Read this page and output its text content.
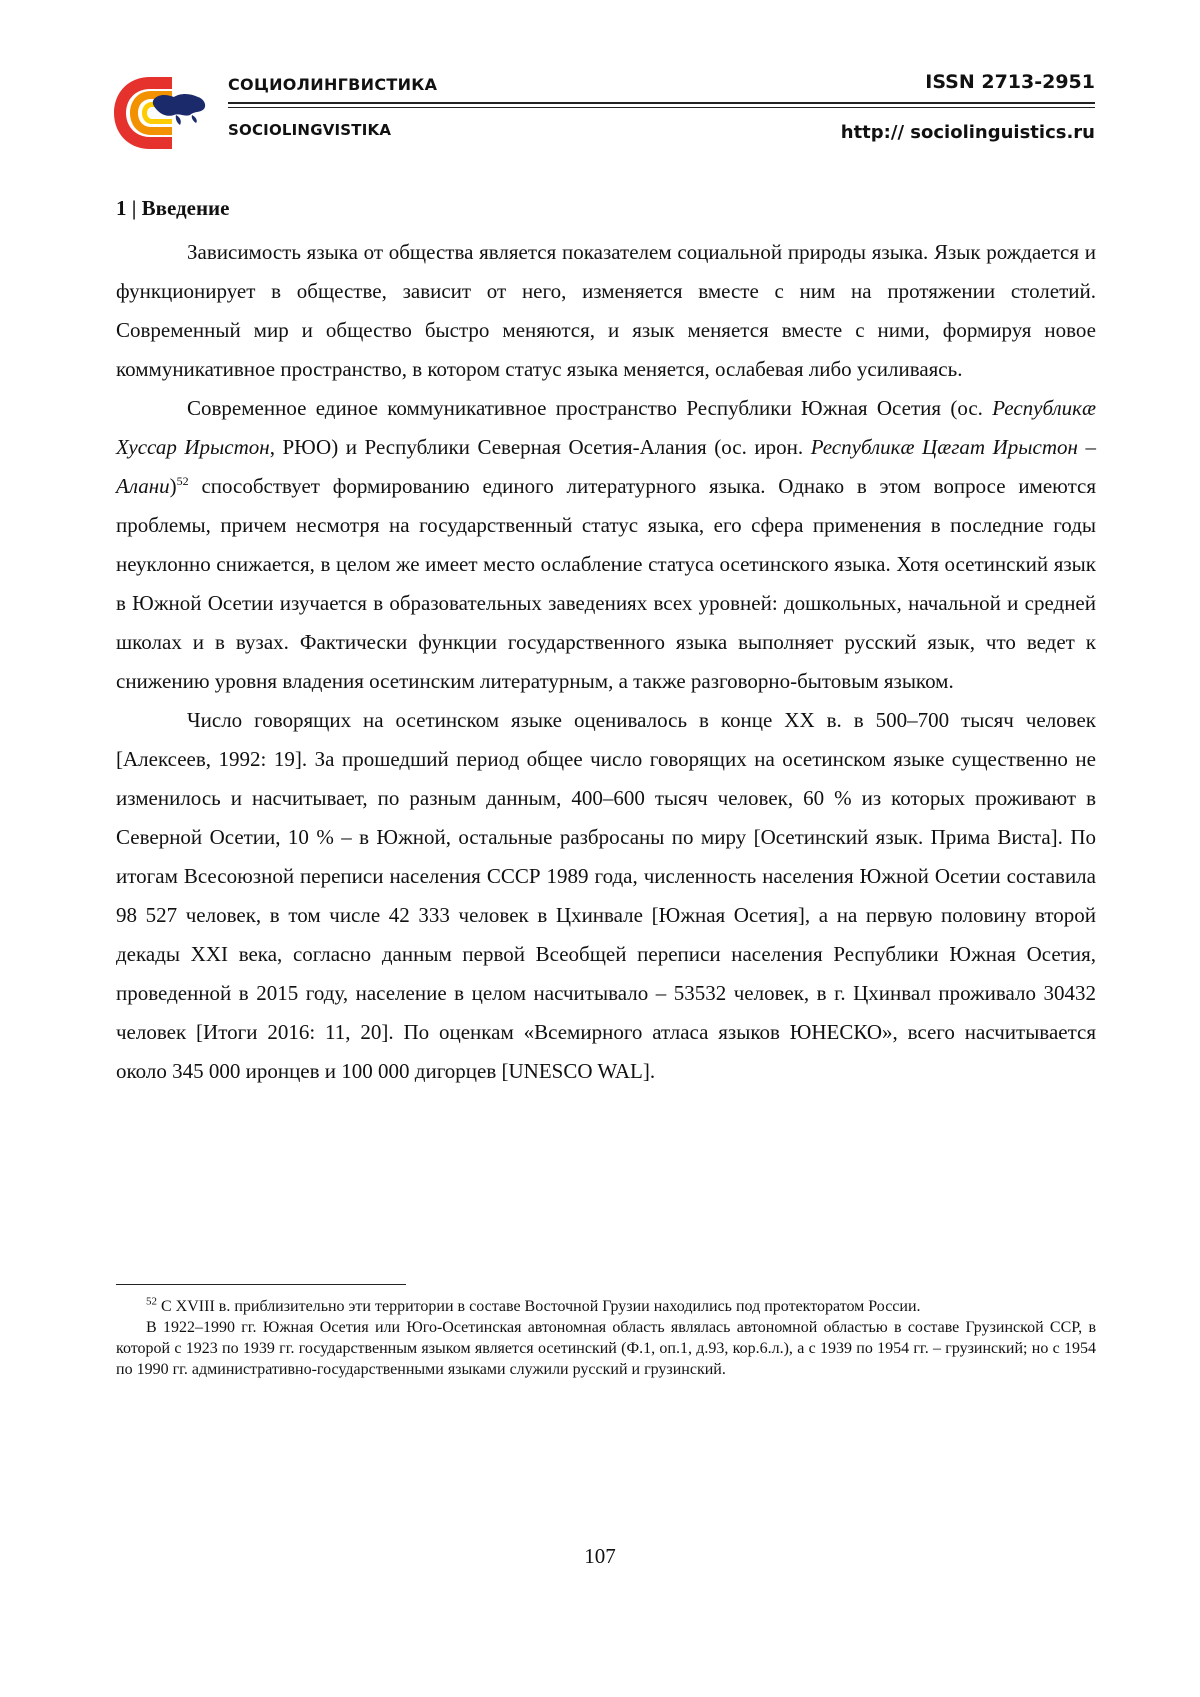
СОЦИОЛИНГВИСТИКА
SOCIOLINGVISTIKA
ISSN 2713-2951
http:// sociolinguistics.ru
1 | Введение

Зависимость языка от общества является показателем социальной природы языка. Язык рождается и функционирует в обществе, зависит от него, изменяется вместе с ним на протяжении столетий. Современный мир и общество быстро меняются, и язык меняется вместе с ними, формируя новое коммуникативное пространство, в котором статус языка меняется, ослабевая либо усиливаясь.

Современное единое коммуникативное пространство Республики Южная Осетия (ос. Республикæ Хуссар Ирыстон, РЮО) и Республики Северная Осетия-Алания (ос. ирон. Республикæ Цæгат Ирыстон – Алани)$^{52}$ способствует формированию единого литературного языка. Однако в этом вопросе имеются проблемы, причем несмотря на государственный статус языка, его сфера применения в последние годы неуклонно снижается, в целом же имеет место ослабление статуса осетинского языка. Хотя осетинский язык в Южной Осетии изучается в образовательных заведениях всех уровней: дошкольных, начальной и средней школах и в вузах. Фактически функции государственного языка выполняет русский язык, что ведет к снижению уровня владения осетинским литературным, а также разговорно-бытовым языком.

Число говорящих на осетинском языке оценивалось в конце XX в. в 500–700 тысяч человек [Алексеев, 1992: 19]. За прошедший период общее число говорящих на осетинском языке существенно не изменилось и насчитывает, по разным данным, 400–600 тысяч человек, 60 % из которых проживают в Северной Осетии, 10 % – в Южной, остальные разбросаны по миру [Осетинский язык. Прима Виста]. По итогам Всесоюзной переписи населения СССР 1989 года, численность населения Южной Осетии составила 98 527 человек, в том числе 42 333 человек в Цхинвале [Южная Осетия], а на первую половину второй декады XXI века, согласно данным первой Всеобщей переписи населения Республики Южная Осетия, проведенной в 2015 году, население в целом насчитывало – 53532 человек, в г. Цхинвал проживало 30432 человек [Итоги 2016: 11, 20]. По оценкам «Всемирного атласа языков ЮНЕСКО», всего насчитывается около 345 000 иронцев и 100 000 дигорцев [UNESCO WAL].

$^{52}$ С XVIII в. приблизительно эти территории в составе Восточной Грузии находились под протекторатом России.

В 1922–1990 гг. Южная Осетия или Юго-Осетинская автономная область являлась автономной областью в составе Грузинской ССР, в которой с 1923 по 1939 гг. государственным языком является осетинский (Ф.1, оп.1, д.93, кор.6.л.), а с 1939 по 1954 гг. – грузинский; но с 1954 по 1990 гг. административно-государственными языками служили русский и грузинский.

107
